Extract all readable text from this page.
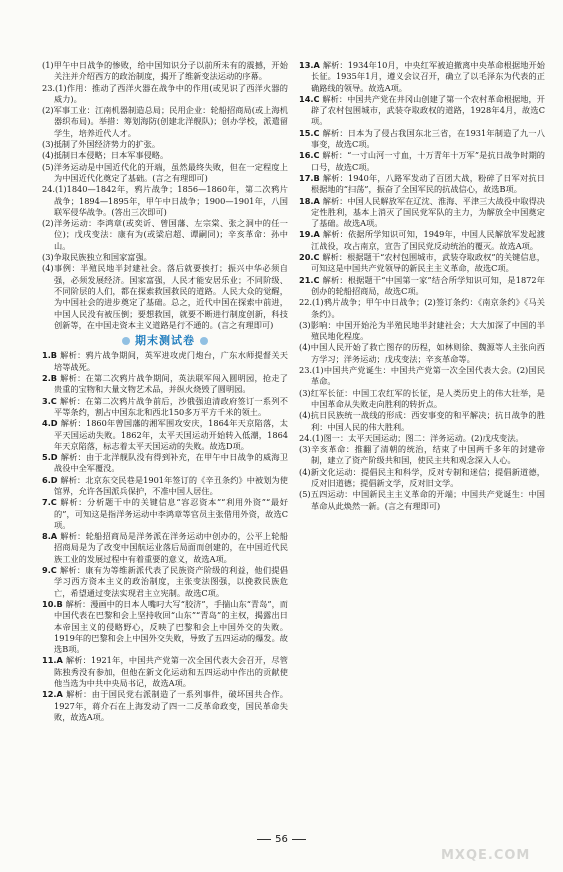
(1)甲午中日战争的惨败，给中国知识分子以前所未有的震撼，开始关注并介绍西方的政治制度，揭开了维新变法运动的序幕。

23.(1)作用：推动了西洋火器在战争中的作用(或见识了西洋火器的威力)。

(2)军事工业：江南机器制造总局；民用企业：轮船招商局(或上海机器织布局)。举措：筹划海防(创建北洋舰队)；创办学校，派遣留学生，培养近代人才。

(3)抵制了外国经济势力的扩张。

(4)抵制日本侵略；日本军事侵略。

(5)洋务运动是中国近代化的开端，虽然最终失败，但在一定程度上为中国近代化奠定了基础。(言之有理即可)

24.(1)1840—1842年，鸦片战争；1856—1860年，第二次鸦片战争；1894—1895年，甲午中日战争；1900—1901年，八国联军侵华战争。(答出三次即可)

(2)洋务运动：李鸿章(或奕䜣、曾国藩、左宗棠、张之洞中的任一位)；戊戌变法：康有为(或梁启超、谭嗣同)；辛亥革命：孙中山。

(3)争取民族独立和国家富强。

(4)事例：半殖民地半封建社会。落后就要挨打；振兴中华必须自强，必须发展经济。国家富强，人民才能安居乐业；不同阶级、不同阶层的人们，都在探索救国救民的道路。人民大众的觉醒，为中国社会的进步奠定了基础。总之，近代中国在探索中前进，中国人民没有被压倒；要想救国，就要不断进行制度创新，科技创新等，在中国走资本主义道路是行不通的。(言之有理即可)

期末测试卷

1.B 解析：鸦片战争期间，英军进攻虎门炮台，广东水师提督关天培等战死。

2.B 解析：在第二次鸦片战争期间，英法联军闯入圆明园，抢走了贵重的宝物和大量文物艺术品，并纵火烧毁了圆明园。

3.C 解析：在第二次鸦片战争前后，沙俄强迫清政府签订一系列不平等条约，割占中国东北和西北150多万平方千米的领土。

4.D 解析：1860年曾国藩的湘军围攻安庆，1864年天京陷落，太平天国运动失败。1862年，太平天国运动开始转入低潮，1864年天京陷落，标志着太平天国运动的失败。故选D项。

5.D 解析：由于北洋舰队没有得到补充，在甲午中日战争的威海卫战役中全军覆没。

6.D 解析：北京东交民巷是1901年签订的《辛丑条约》中被划为使馆界，允许各国派兵保护，不准中国人居住。

7.C 解析：分析题干中的关键信息“容忍资本”“利用外资”“最好的”，可知这是指洋务运动中李鸿章等官员主张借用外资，故选C项。

8.A 解析：轮船招商局是洋务派在洋务运动中创办的，公平上轮船招商局是为了改变中国航运业落后局面而创建的，在中国近代民族工业的发展过程中有着重要的意义，故选A项。

9.C 解析：康有为等维新派代表了民族资产阶级的利益，他们提倡学习西方资本主义的政治制度，主张变法图强，以挽救民族危亡，希望通过变法实现君主立宪制。故选C项。

10.B 解析：漫画中的日本人嘴叼大写“胶济”，手揣山东“青岛”，而中国代表在巴黎和会上坚持收回“山东”“青岛”的主权，揭露出日本帝国主义的侵略野心，反映了巴黎和会上中国外交的失败。1919年的巴黎和会上中国外交失败，导致了五四运动的爆发。故选B项。

11.A 解析：1921年，中国共产党第一次全国代表大会召开，尽管陈独秀没有参加，但他在新文化运动和五四运动中作出的贡献使他当选为中共中央局书记，故选A项。

12.A 解析：由于国民党右派制造了一系列事件，破坏国共合作。1927年，蒋介石在上海发动了四一二反革命政变，国民革命失败，故选A项。

13.A 解析：1934年10月，中央红军被迫撤离中央革命根据地开始长征。1935年1月，遵义会议召开，确立了以毛泽东为代表的正确路线的领导。故选A项。

14.C 解析：中国共产党在井冈山创建了第一个农村革命根据地，开辟了农村包围城市，武装夺取政权的道路，1928年4月，故选C项。

15.C 解析：日本为了侵占我国东北三省，在1931年制造了九一八事变，故选C项。

16.C 解析：“一寸山河一寸血，十万青年十万军”是抗日战争时期的口号，故选C项。

17.B 解析：1940年，八路军发动了百团大战，粉碎了日军对抗日根据地的“扫荡”，振奋了全国军民的抗战信心，故选B项。

18.A 解析：中国人民解放军在辽沈、淮海、平津三大战役中取得决定性胜利，基本上消灭了国民党军队的主力，为解放全中国奠定了基础。故选A项。

19.A 解析：依据所学知识可知，1949年，中国人民解放军发起渡江战役，攻占南京，宣告了国民党反动统治的覆灭。故选A项。

20.C 解析：根据题干“农村包围城市，武装夺取政权”的关键信息，可知这是中国共产党领导的新民主主义革命，故选C项。

21.C 解析：根据题干“中国第一家”结合所学知识可知，是1872年创办的轮船招商局，故选C项。

22.(1)鸦片战争；甲午中日战争；(2)签订条约：《南京条约》《马关条约》。

(3)影响：中国开始沦为半殖民地半封建社会；大大加深了中国的半殖民地化程度。

(4)中国人民开始了救亡图存的历程，如林则徐、魏源等人主张向西方学习；洋务运动；戊戌变法；辛亥革命等。

23.(1)中国共产党诞生：中国共产党第一次全国代表大会。(2)国民革命。

(3)红军长征：中国工农红军的长征，是人类历史上的伟大壮举，是中国革命从失败走向胜利的转折点。

(4)抗日民族统一战线的形成：西安事变的和平解决；抗日战争的胜利：中国人民的伟大胜利。

24.(1)图一：太平天国运动；图二：洋务运动。(2)戊戌变法。

(3)辛亥革命：推翻了清朝的统治，结束了中国两千多年的封建帝制，建立了资产阶级共和国，使民主共和观念深入人心。

(4)新文化运动：提倡民主和科学，反对专制和迷信；提倡新道德，反对旧道德；提倡新文学，反对旧文学。

(5)五四运动：中国新民主主义革命的开端；中国共产党诞生：中国革命从此焕然一新。(言之有理即可)

56
MXQE.COM
